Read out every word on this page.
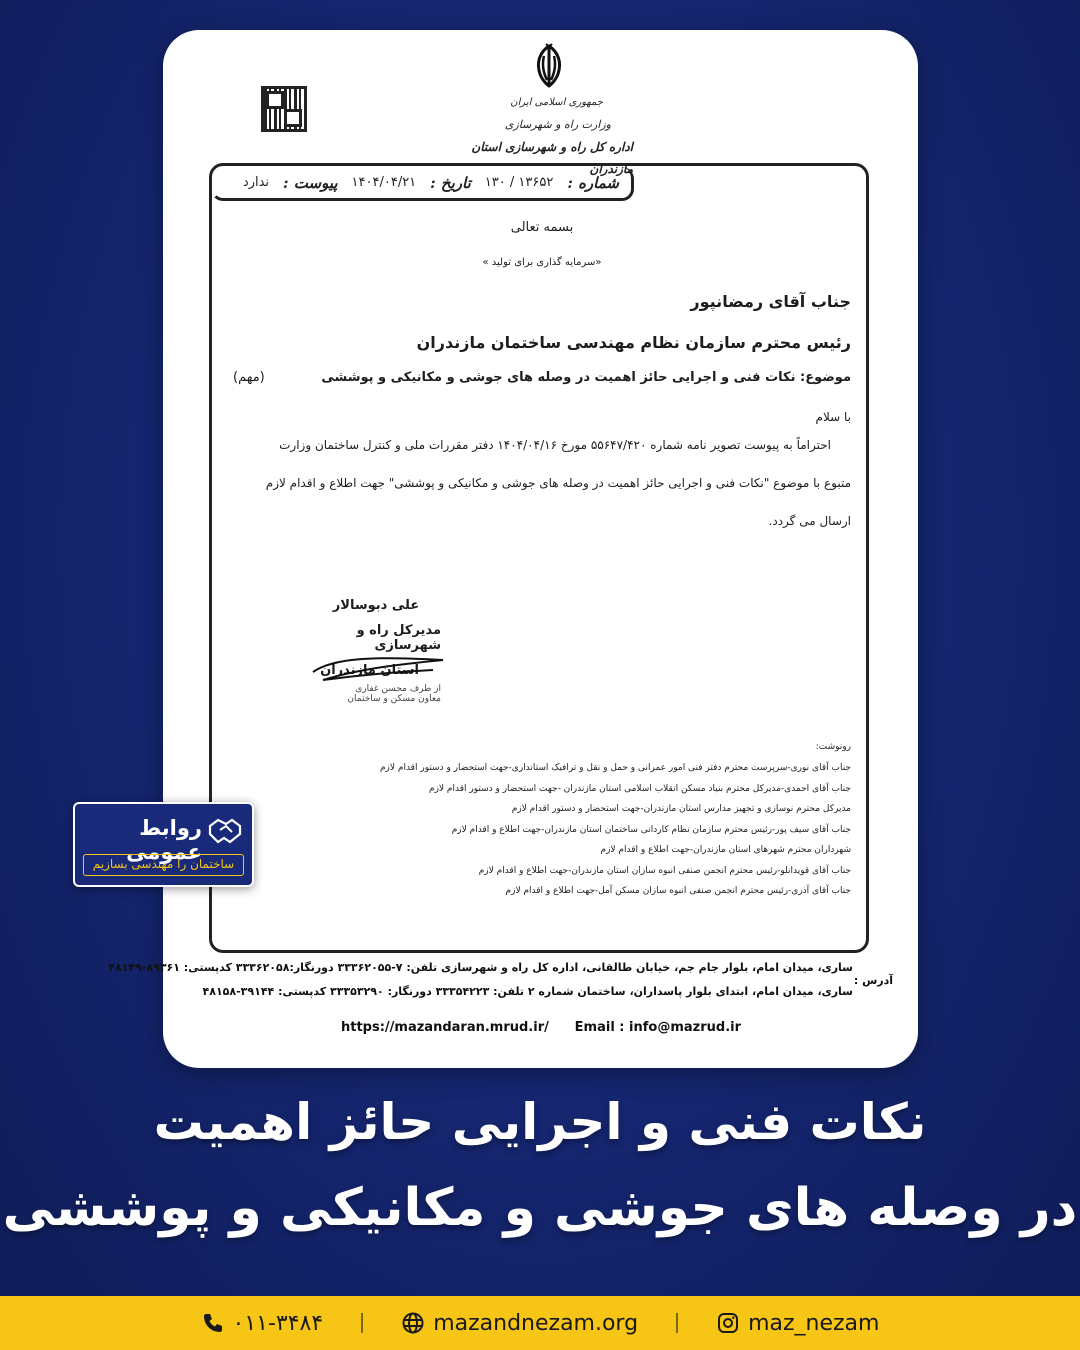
جمهوری اسلامی ایران
وزارت راه و شهرسازی
اداره کل راه و شهرسازی استان مازندران
شماره :
۱۳۶۵۲ / ۱۳۰
تاریخ :
۱۴۰۴/۰۴/۲۱
پیوست :
ندارد
بسمه تعالی
«سرمایه گذاری برای تولید »
جناب آقای رمضانپور
رئیس محترم سازمان نظام مهندسی ساختمان مازندران
موضوع: نکات فنی و اجرایی حائز اهمیت در وصله های جوشی و مکانیکی و پوششی
(مهم)
با سلام
احتراماً به پیوست تصویر نامه شماره ۵۵۶۴۷/۴۲۰ مورخ ۱۴۰۴/۰۴/۱۶ دفتر مقررات ملی و کنترل ساختمان وزارت
متبوع با موضوع "نکات فنی و اجرایی حائز اهمیت در وصله های جوشی و مکانیکی و پوششی" جهت اطلاع و اقدام لازم
ارسال می گردد.
علی دبوسالار
مدیرکل راه و شهرسازی
استان مازندران
از طرف محسن غفاری
معاون مسکن و ساختمان
رونوشت:
جناب آقای نوری-سرپرست محترم دفتر فنی امور عمرانی و حمل و نقل و ترافیک استانداری-جهت استحضار و دستور اقدام لازم
جناب آقای احمدی-مدیرکل محترم بنیاد مسکن انقلاب اسلامی استان مازندران -جهت استحضار و دستور اقدام لازم
مدیرکل محترم نوسازی و تجهیز مدارس استان مازندران-جهت استحضار و دستور اقدام لازم
جناب آقای سیف پور-رئیس محترم سازمان نظام کاردانی ساختمان استان مازندران-جهت اطلاع و اقدام لازم
شهرداران محترم شهرهای استان مازندران-جهت اطلاع و اقدام لازم
جناب آقای قویدانلو-رئیس محترم انجمن صنفی انبوه سازان استان مازندران-جهت اطلاع و اقدام لازم
جناب آقای آذری-رئیس محترم انجمن صنفی انبوه سازان مسکن آمل-جهت اطلاع و اقدام لازم
آدرس :
ساری، میدان امام، بلوار جام جم، خیابان طالقانی، اداره کل راه و شهرسازی تلفن: ۷-۳۳۳۶۲۰۵۵ دورنگار:۳۳۳۶۲۰۵۸ کدپستی: ۸۹۳۶۱-۴۸۱۴۹
ساری، میدان امام، ابتدای بلوار پاسداران، ساختمان شماره ۲ تلفن: ۳۳۳۵۴۲۲۳ دورنگار: ۳۳۳۵۳۲۹۰ کدپستی: ۳۹۱۴۴-۴۸۱۵۸
https://mazandaran.mrud.ir/ Email : info@mazrud.ir
روابط عمومی
ساختمان را مهندسی بسازیم
نکات فنی و اجرایی حائز اهمیت
در وصله های جوشی و مکانیکی و پوششی
۰۱۱-۳۴۸۴	mazandnezam.org	maz_nezam
